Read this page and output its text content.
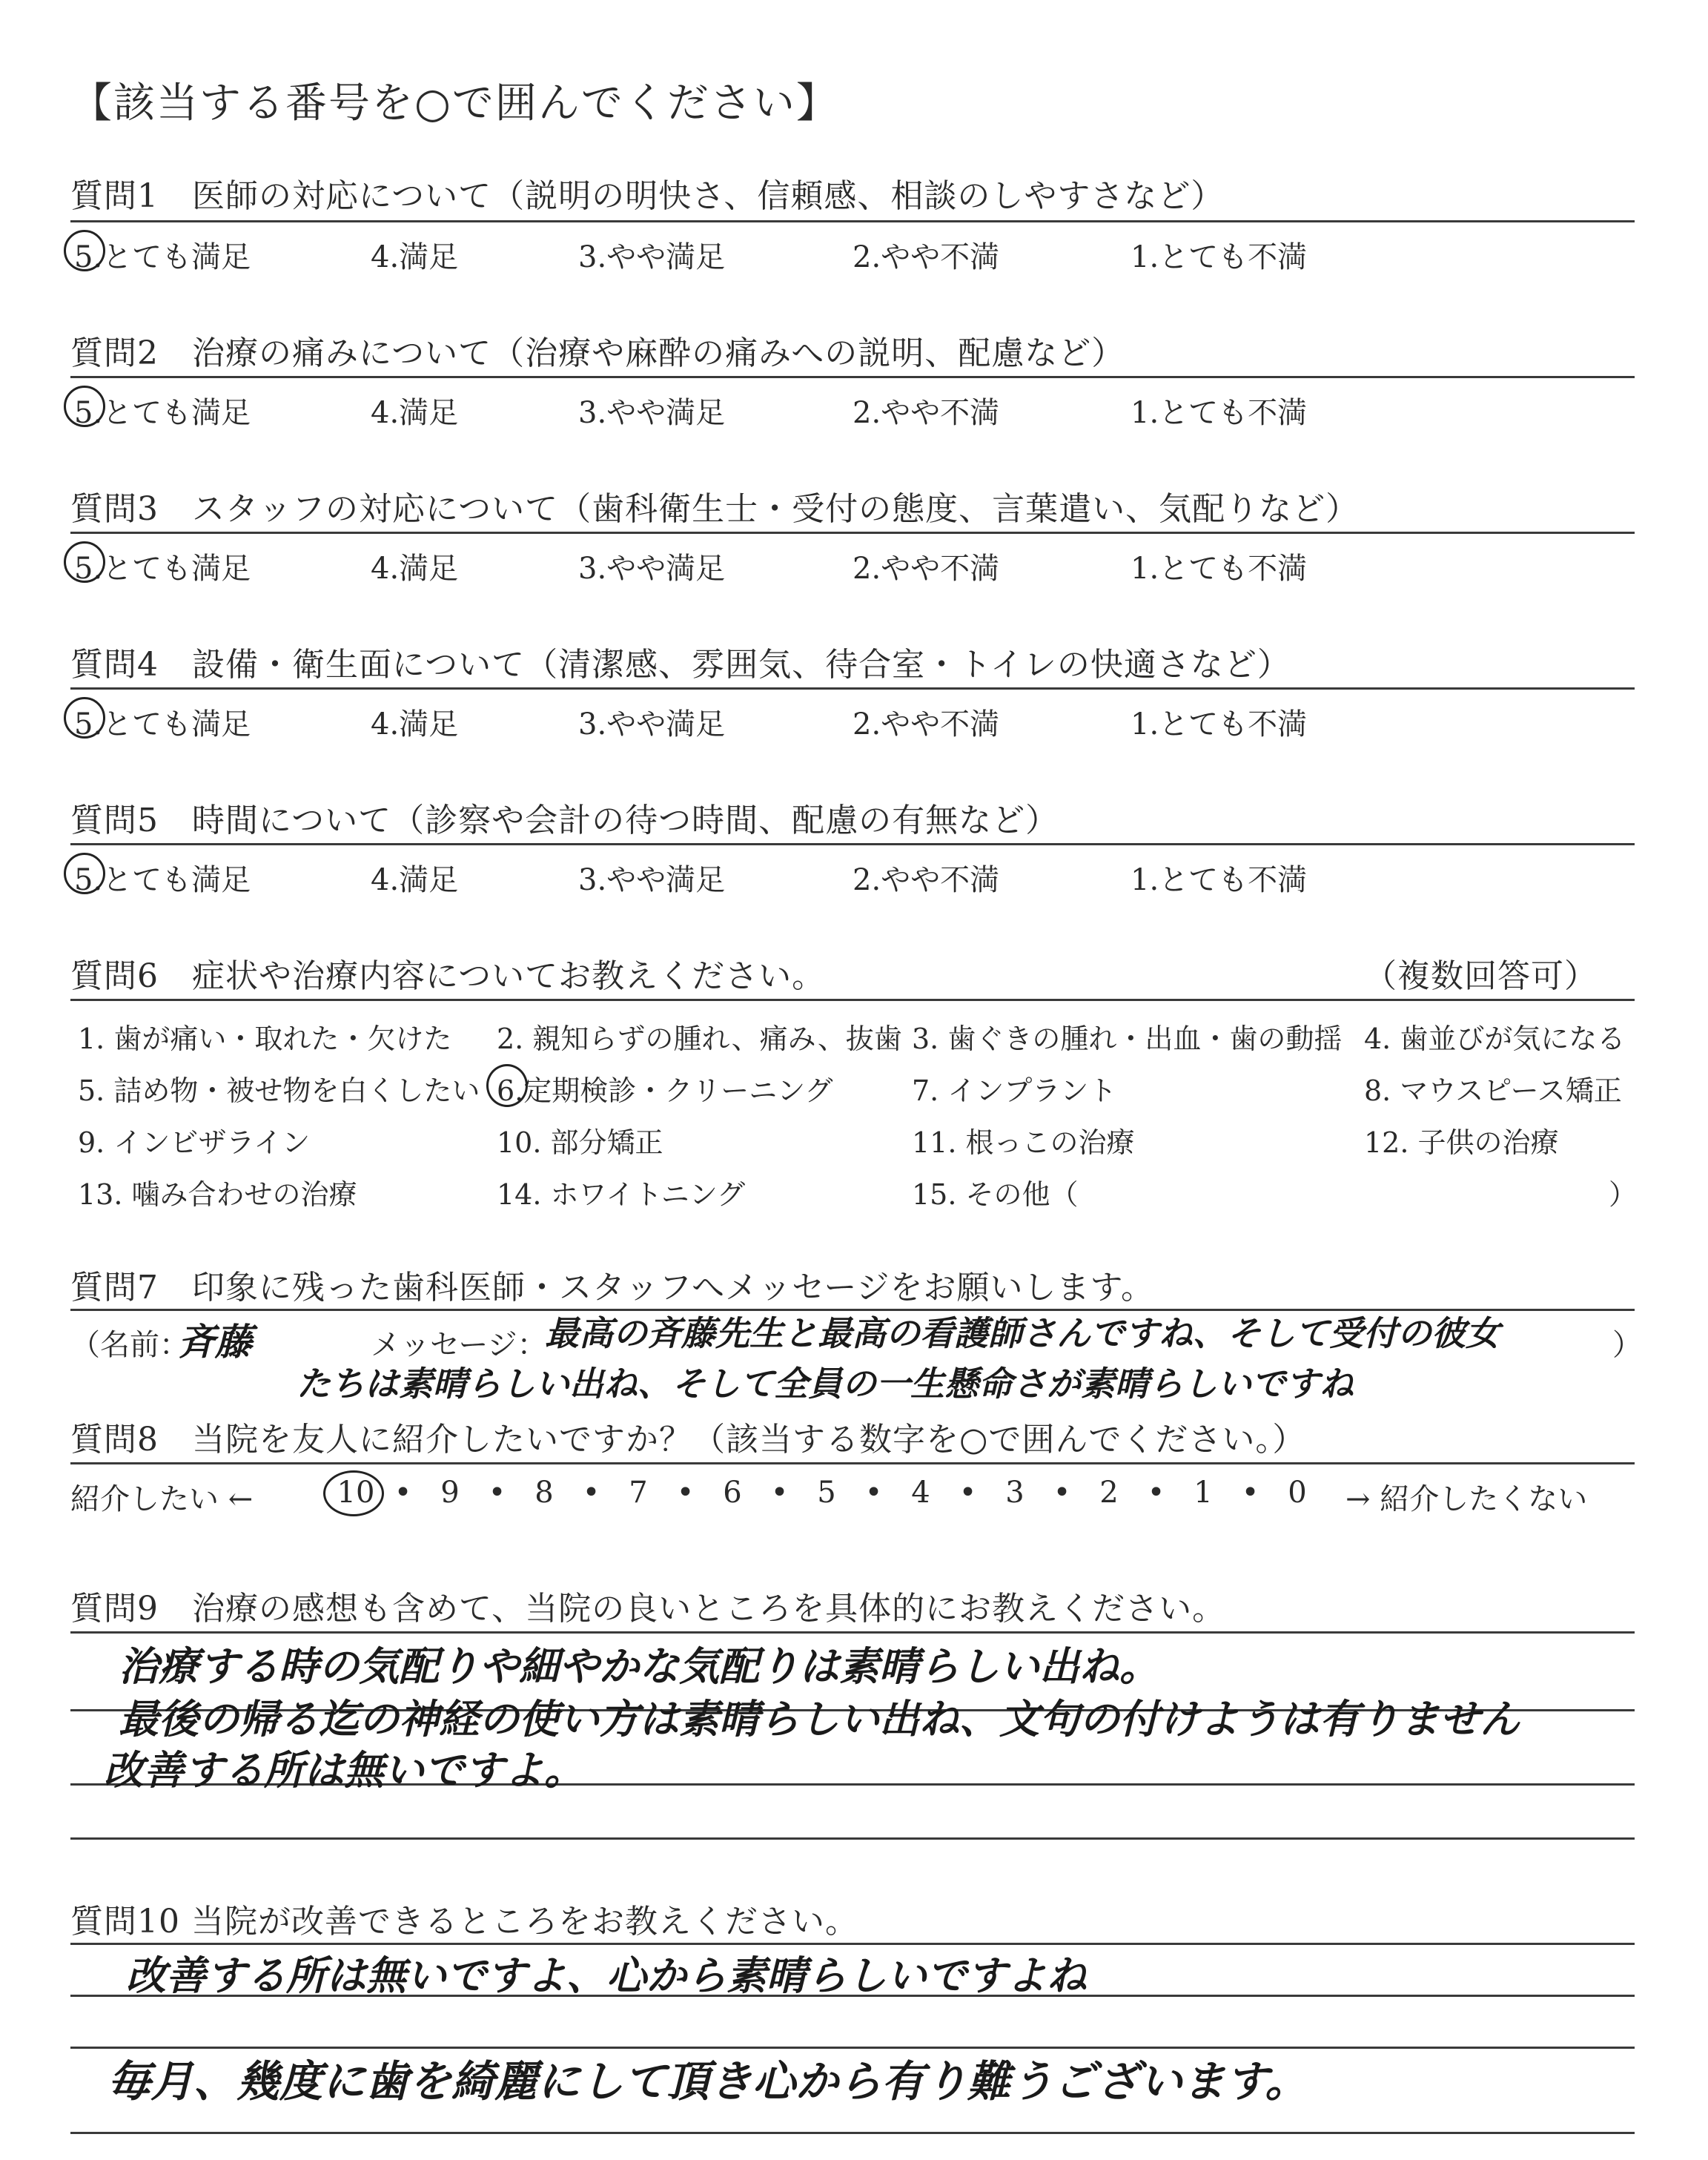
【該当する番号を○で囲んでください】
質問1　医師の対応について（説明の明快さ、信頼感、相談のしやすさなど）
5.とても満足	4.満足	3.やや満足	2.やや不満	1.とても不満
質問2　治療の痛みについて（治療や麻酔の痛みへの説明、配慮など）
5.とても満足	4.満足	3.やや満足	2.やや不満	1.とても不満
質問3　スタッフの対応について（歯科衛生士・受付の態度、言葉遣い、気配りなど）
5.とても満足	4.満足	3.やや満足	2.やや不満	1.とても不満
質問4　設備・衛生面について（清潔感、雰囲気、待合室・トイレの快適さなど）
5.とても満足	4.満足	3.やや満足	2.やや不満	1.とても不満
質問5　時間について（診察や会計の待つ時間、配慮の有無など）
5.とても満足	4.満足	3.やや満足	2.やや不満	1.とても不満
質問6　症状や治療内容についてお教えください。	（複数回答可）
1. 歯が痛い・取れた・欠けた 2. 親知らずの腫れ、痛み、抜歯 3. 歯ぐきの腫れ・出血・歯の動揺 4. 歯並びが気になる
5. 詰め物・被せ物を白くしたい 6.定期検診・クリーニング	7. インプラント	8. マウスピース矯正
9. インビザライン	10. 部分矯正	11. 根っこの治療	12. 子供の治療
13. 噛み合わせの治療	14. ホワイトニング	15. その他（	）
質問7　印象に残った歯科医師・スタッフへメッセージをお願いします。
（名前：
斉藤	メッセージ：
最高の斉藤先生と最高の看護師さんですね、そして受付の彼女	）
たちは素晴らしい出ね、そして全員の一生懸命さが素晴らしいですね
質問8　当院を友人に紹介したいですか？（該当する数字を○で囲んでください。）
紹介したい ←	10 • 9 • 8 • 7 • 6 • 5 • 4 • 3 • 2 • 1 • 0	→ 紹介したくない
質問9　治療の感想も含めて、当院の良いところを具体的にお教えください。
治療する時の気配りや細やかな気配りは素晴らしい出ね。
最後の帰る迄の神経の使い方は素晴らしい出ね、文句の付けようは有りません
改善する所は無いですよ。
質問10 当院が改善できるところをお教えください。
改善する所は無いですよ、心から素晴らしいですよね
毎月、幾度に歯を綺麗にして頂き心から有り難うございます。
